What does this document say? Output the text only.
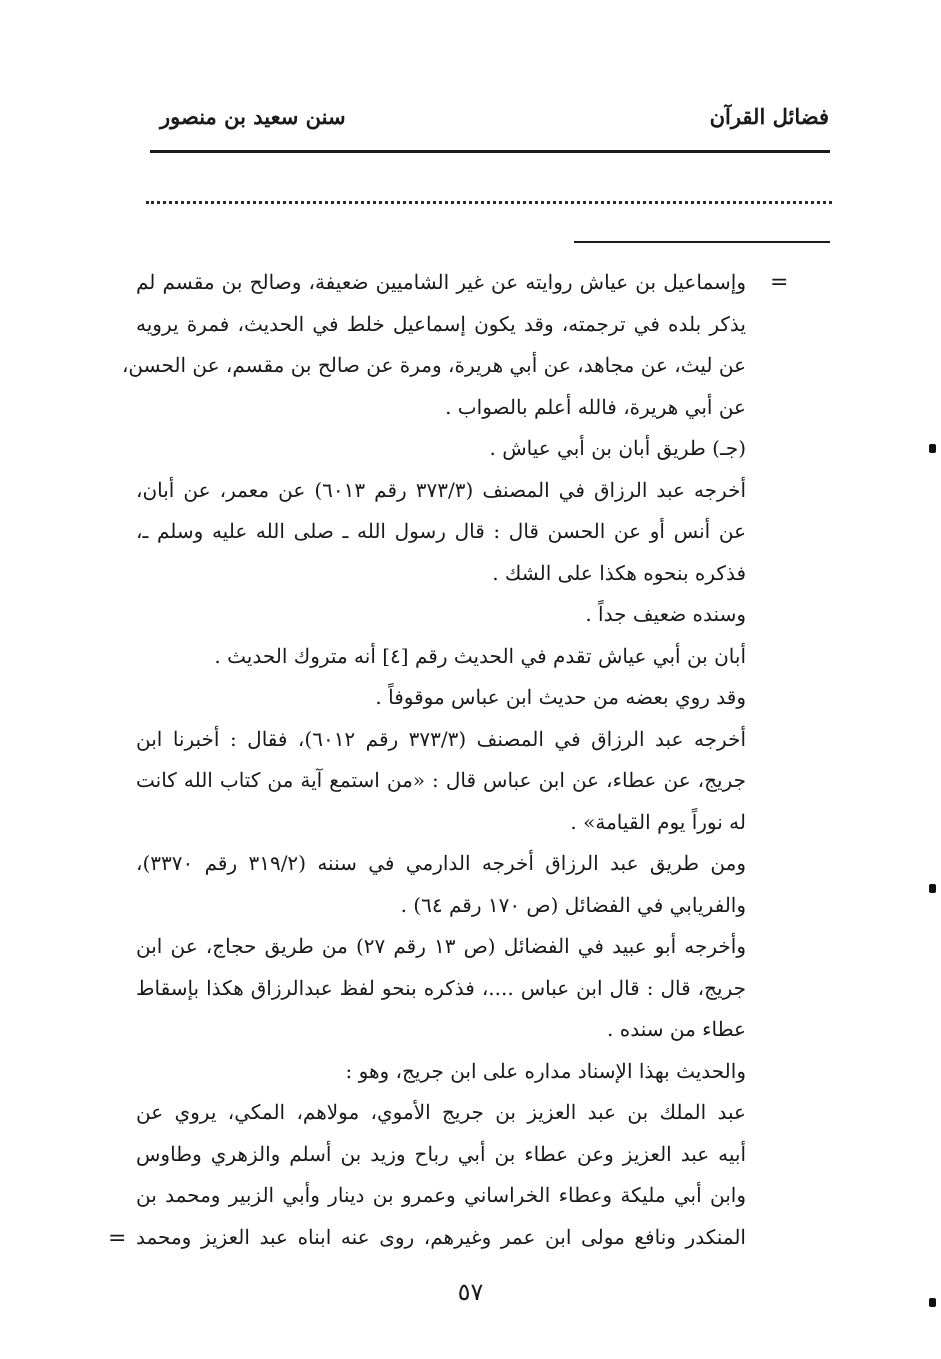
فضائل القرآن
سنن سعيد بن منصور
=
وإسماعيل بن عياش روايته عن غير الشاميين ضعيفة، وصالح بن مقسم لم
يذكر بلده في ترجمته، وقد يكون إسماعيل خلط في الحديث، فمرة يرويه
عن ليث، عن مجاهد، عن أبي هريرة، ومرة عن صالح بن مقسم، عن الحسن،
عن أبي هريرة، فالله أعلم بالصواب .
(جـ) طريق أبان بن أبي عياش .
أخرجه عبد الرزاق في المصنف (٣٧٣/٣ رقم ٦٠١٣) عن معمر، عن أبان،
عن أنس أو عن الحسن قال : قال رسول الله ـ صلى الله عليه وسلم ـ،
فذكره بنحوه هكذا على الشك .
وسنده ضعيف جداً .
أبان بن أبي عياش تقدم في الحديث رقم [٤] أنه متروك الحديث .
وقد روي بعضه من حديث ابن عباس موقوفاً .
أخرجه عبد الرزاق في المصنف (٣٧٣/٣ رقم ٦٠١٢)، فقال : أخبرنا ابن
جريج، عن عطاء، عن ابن عباس قال : «من استمع آية من كتاب الله كانت
له نوراً يوم القيامة» .
ومن طريق عبد الرزاق أخرجه الدارمي في سننه (٣١٩/٢ رقم ٣٣٧٠)،
والفريابي في الفضائل (ص ١٧٠ رقم ٦٤) .
وأخرجه أبو عبيد في الفضائل (ص ١٣ رقم ٢٧) من طريق حجاج، عن ابن
جريج، قال : قال ابن عباس ....، فذكره بنحو لفظ عبدالرزاق هكذا بإسقاط
عطاء من سنده .
والحديث بهذا الإسناد مداره على ابن جريج، وهو :
عبد الملك بن عبد العزيز بن جريج الأموي، مولاهم، المكي، يروي عن
أبيه عبد العزيز وعن عطاء بن أبي رباح وزيد بن أسلم والزهري وطاوس
وابن أبي مليكة وعطاء الخراساني وعمرو بن دينار وأبي الزبير ومحمد بن
المنكدر ونافع مولى ابن عمر وغيرهم، روى عنه ابناه عبد العزيز ومحمد
=
٥٧
